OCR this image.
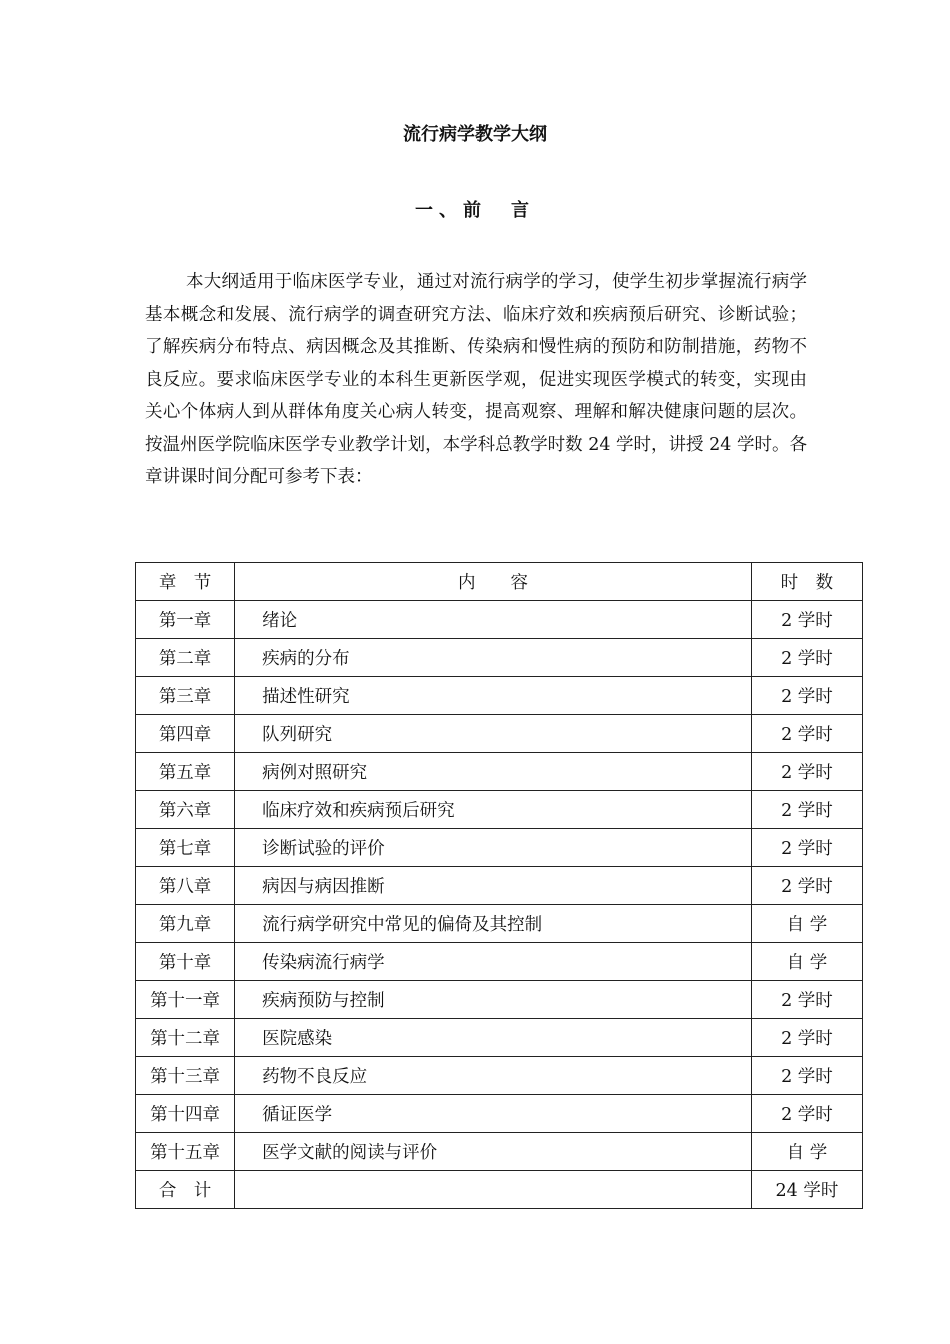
流行病学教学大纲
一、前　言

本大纲适用于临床医学专业，通过对流行病学的学习，使学生初步掌握流行病学基本概念和发展、流行病学的调查研究方法、临床疗效和疾病预后研究、诊断试验；了解疾病分布特点、病因概念及其推断、传染病和慢性病的预防和防制措施，药物不良反应。要求临床医学专业的本科生更新医学观，促进实现医学模式的转变，实现由关心个体病人到从群体角度关心病人转变，提高观察、理解和解决健康问题的层次。按温州医学院临床医学专业教学计划，本学科总教学时数 24 学时，讲授 24 学时。各章讲课时间分配可参考下表：

章　节	内　　容	时　数
第一章	绪论	2 学时
第二章	疾病的分布	2 学时
第三章	描述性研究	2 学时
第四章	队列研究	2 学时
第五章	病例对照研究	2 学时
第六章	临床疗效和疾病预后研究	2 学时
第七章	诊断试验的评价	2 学时
第八章	病因与病因推断	2 学时
第九章	流行病学研究中常见的偏倚及其控制	自 学
第十章	传染病流行病学	自 学
第十一章	疾病预防与控制	2 学时
第十二章	医院感染	2 学时
第十三章	药物不良反应	2 学时
第十四章	循证医学	2 学时
第十五章	医学文献的阅读与评价	自 学
合　计		24 学时
